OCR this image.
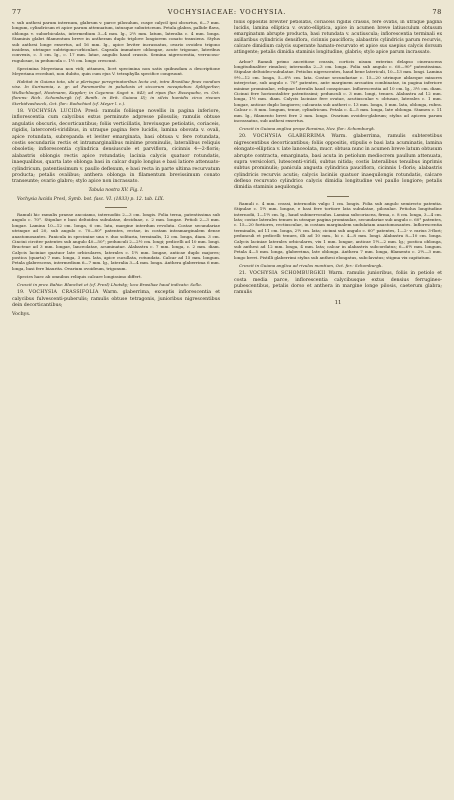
77	VOCHYSIACEAE: VOCHYSIA.	78

v. sub anthesi parum internum, glabrum v. parce pilosulum, cuspe calycil ipsi obcurtus, 6—7 mm. longum, cylindricum et apice parum attenuatum, intusque subutriceum. Petala glabra, pallide flava, oblonga v. suborbiculata, intermedium 3—4 mm. lg., 2½ mm. latum, lateralia c. 4 mm. longa. Staminis glabri filamentum breve in antheram duplo triplove longiorem conato transiens. Stylus sub anthesi longe exsertus, ad 16 mm. lg., apice leviter incrassatus, ovario ovoideo trigono insidens, utrinque subtrigono-orbiculari. Capsula immature oblongae, acute trigonae, lateribus convexis, c. 5 cm. lg., c. 17 mm. latae, angulis haud crassis. Semina nigrescentia, verrucoso-rugulosae, in peduncula c. 1½ cm. longo crescunt.

Specimina Meyeriana non vidi; attamen, licet specimina non satis quibusdam a descriptione Meyeriana recedunt, non dubito, quin cum ejus V. tetraphylla specifice congruunt.

Habitat in Guiana tota, ubi a plerisque peregrinatoribus lecta est, intra Brasiliae fines nondum vise. In Surinamia, e. gr. ad Paramaribo in paludosis et siccarum novapiebus: Splitgerber, Wullschlaegel, Hostmann, Kappler; in Cayenna: Sagot n. 843; ad ripas flur. Essequebo, m. Oct. florens: Rich. Schomburgk (cf. Benth. in Brit. Guiana II); in silvis humidis circa riveum Sterbidvasheeck, Oct. flor.: Rodschied (cf. Meyer l. c.).

18. VOCHYSIA LUCIDA Presl: ramulis foliisque novellis in pagina inferiore, inflorescentia cum calycibus extus perminute adpresse pilosulis; ramulis obtuse angulatis obscuris, decorticantibus; foliis verticillatis, breviusque petiolatis, coriaceis, rigidis, latercoreti-viridibus, in utraque pagina fere lucidis, lamina obovata v. ovali, apice rotundata, subrepanda et leviter emarginata, basi obtusa v. fere rotundata, costis secundariis rectis et intramarginalibus minime prominulis, lateralibus reliquis obsoletis; inflorescentia cylindrica densiuscule et parviflora, cicinnis 4—2-floris; alabastris oblongis rectis apice rotundatis; lacinia calycis quatuor rotundatis, inaequalibus, quarta late oblonga basi in calcar duplo longius e basi latiore attenuato-cylindricum, patentissimum v. paullo deflexum, e basi recta in parte ultima recurvatum producta; petalis ovalibus; anthera oblonga in filamentum brevissimum conato transeunte; ovario glabro; stylo apice non incrassato.

Tabula nostra XV. Fig. I.

Vochysia lucida Presl, Symb. bot. fasc. VI. (1833) p. 12. tab. LIX.

Ramuli hic ramulis praeae ancoiamo, internodiis 2—3 cm. longis. Folia terna, patentissima sub angulo c. 70°. Stipulae e basi deltoidea subulatae, deciduae, c. 2 mm. longae. Petioli 2—3 mm. longae. Lamina 10—12 cm. longa, 6 cm. lata, margine interdum revoluta. Costae secundariae utrinque ad 20, sub angulo c. 70—80° patentes, rectae, in costam intramarginalem dense anastomosantes. Panicula in specimine una v. duo solitaria, terminalis, 12 cm. longa, diam. 3 cm. Cincini circiter patentes sub angulo 40—50°; pedunculi 2—2½ cm. longi; pedicelli ad 10 mm. longi. Bracteae ad 3 mm. longae, lanceolatae, acuminatae. Alabastra c. 7 mm. longa, c. 2 mm. diam. Calycis laciniae quatuor late orbiculares, laterales c. 1½ mm. longae, anticae duplo majores; postica (quarta) 7 mm. longa, 3 mm. lata, apice cucullata, rotundata. Calcar ad 15 mm. longum. Petala glabrescens, intermedium 6—7 mm. lg., lateralia 3—4 mm. longa. Anthera glaberrima 6 mm. longa, basi fere biaurita. Ovarium ovoideum, trigonum.

Species haec ab omnibus reliquis calcare longissimo differt.

Crescit in prov. Bahia: Blanchet et (cf. Presl) Lhotsky; loco Brasiliae haud indicato: Sello.

19. VOCHYSIA CRASSIFOLIA Warm. glaberrima, exceptis inflorescentia et calycibus fulvescenti-puberulis; ramulis obtuse tetragonis, junioribus nigrescentibus dein decorticantibus;
Vochys.

foliis oppositis breviter petiolatis, coriaceis rigidis crassis, fere ovatis, in utraque pagina lucidis, lamina elliptica v. ovato-elliptica, apice in acumen breve latiusculum obtusum emarginatum abrupte producta, basi rotundata v. acutiuscula; inflorescentia terminali ex axillaribus cylindricis densiflora, cicinnis pauciflora; alabastris cylindricis parum recurvis, calcare dimidium calycis superante hamato-recurvato et apice sus saepius calycis dorsum attingente; petalis dimidia staminis longitudine, glabris; stylo apice parum incrassato.

Arbor? Ramuli primo anceitiose crassis, corticis nisum exterius delapso cinerascens longitudinaliter rimulosi; internodia 2—3 cm. longa. Folia sub angulo c. 60—90° patentissima. Stipulae deltoideo-subulatae. Petiolus nigrescentes, haud bene latericuli, 10—13 mm. longi. Lamina 9½—12 cm. longa, 5—6½ cm. lata. Costae secundariae c. 15—20 utrinque ablaeque minores interjectae, sub angulo c. 70° patentes, ante marginem arcuatim combinatae, in pagina inferiore minime prominulae, reliquae lateralis haud conspicuae. Inflorescentia ad 10 cm. lg., 3½ cm. diam. Cicinni fere horizontaliter patentissimi; pedunculi c. 3 mm. longi, tenues. Alabastra ad 12 mm. longa, 1½ mm. diam. Calycis laciniae fere ovatae, acutiusculae v. obtusae, laterales c. 1 mm. longae, anticae duplo longiores; calcarata sub antheri c. 13 mm. longa, 5 mm. lata, oblonga, rubra. Calcar c. 8 mm. longum, tenue, cylindricum. Petala c. 4—5 mm. longa, late oblonga. Stamen c. 11 mm. lg., filamento brevi fere 2 mm. longo. Ovarium ovoideo-glabrum; stylus ad apicem parum incrassatus, sub anthesi exsertus.

Crescit in Guiana anglica prope Roraima, Nov. flor.: Schomburgk.

20. VOCHYSIA GLABERRIMA Warm. glaberrima, ramulis subteretibus nigrescentibus decorticantibus; foliis oppositis, stipulis e basi lata acuminatis, lamina elongato-elliptica v. late lanceolata, mucr. obtusa nunc in acumen breve latum obtusum abrupte contracta, emarginata, basi acuta in petiolum mediocrem paullum attenuata, supra versicolori, lutescenti-viridi, subtus nitida; costis lateralibus tenuibus inprimis subtus prominulis; panicula angusta cylindrica pauciflora, cicinnis 1-floris; alabastris cylindricis recurvis acutis; calycis laciniis quatuor inaequilongis rotundatis, calcare deflexo recurvato cylindrico calycis dimidia longitudine vel paullo longiore; petalis dimidia staminis aequilongis.

Ramuli c. 4 mm. crassi, internodiis vulgo 1 cm. longis. Folia sub angulo semirecto patentia. Stipulae c. 1½ mm. longae, e basi fere tortiore lata subulatae, pilosulae. Petiolus longitudine internodii, 1—1½ cm. lg., haud subinervosulus. Lamina subcoriacea, firma, c. 8 cm. longa, 3—4 cm. lata; costae laterales tenues in utraque pagina prominulae, secundariae sub angulo c. 60° patentes, c. 15—20 fortiores, rectiusculae, in costam marginalem undulatam anastomosantes. Inflorescentia terminalis, ad 11 cm. longa, 2½ cm. lata; cicinni sub angulo c. 60° patentes, 1—2- v. rarius 3-flori; pedunculi et pedicelli tenues, illi ad 10 mm., hi c. 4—8 mm. longi. Alabastra 8—10 cm. longa. Calycis laciniae laterales orbiculares, vix 1 mm. longae, anticae 1½—2 mm. lg.; postica oblonga, sub anthesi ad 12 mm. longa, 4 mm. lata; calcar in alabastris subcordatus; 6—6½ mm. longum. Petala 4—5 mm. longa, glaberrima, late oblonga. Anthera 7 mm. longa, filamento c. 2½—3 mm. longo brevi. Pistilli glaberrimi stylus sub anthesi elongatus, subclavatus; stigma vix capitatum.

Crescit in Guiana anglica ad rivulos montium, Oct. fer.: Schomburgk.

21. VOCHYSIA SCHOMBURGKII Warm. ramulis junioribus, foliis in petiolo et costa media parce, inflorescentia calycibusque extus densius ferrugineo-pubescentibus, petalis dorso et anthera in margine longe pilosis, caeterum glabra; ramulis
11
